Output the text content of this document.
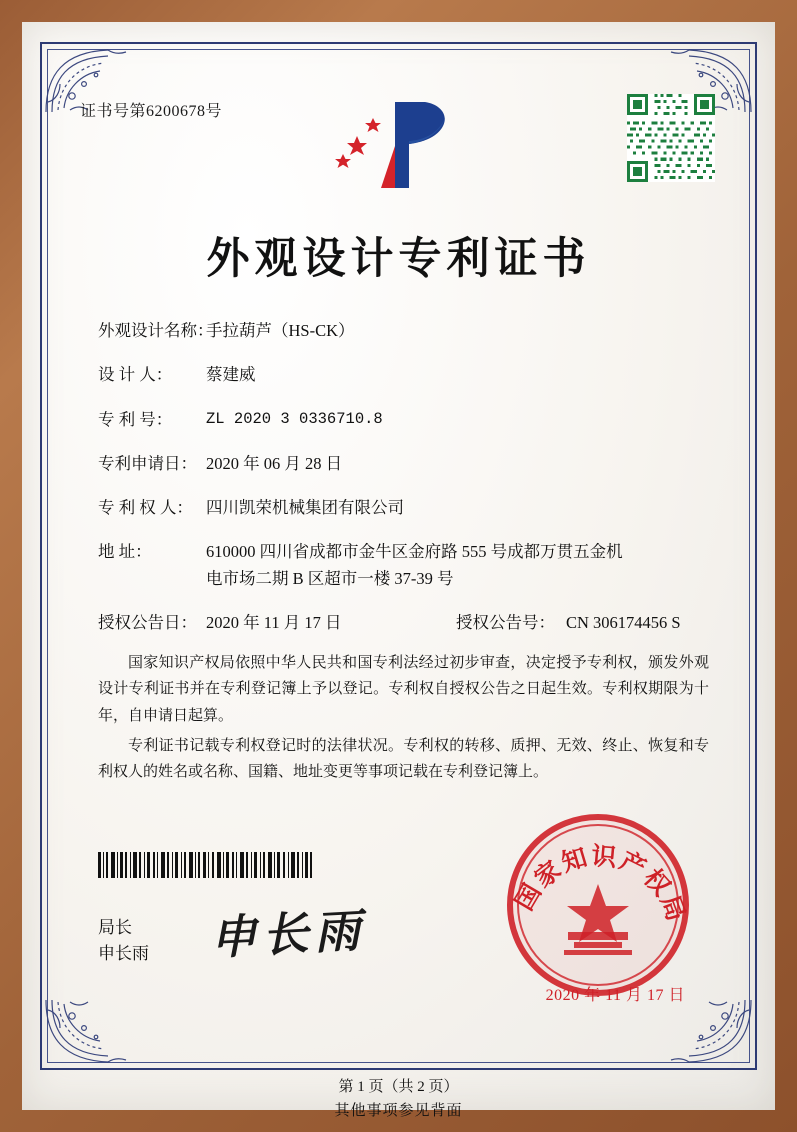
证书号第6200678号
外观设计专利证书
外观设计名称：
手拉葫芦（HS-CK）
设 计 人：	蔡建威
专 利 号：	ZL 2020 3 0336710.8
专利申请日： 2020 年 06 月 28 日
专 利 权 人： 四川凯荣机械集团有限公司
地 址：	610000 四川省成都市金牛区金府路 555 号成都万贯五金机
电市场二期 B 区超市一楼 37-39 号
授权公告日： 2020 年 11 月 17 日	授权公告号： CN 306174456 S

国家知识产权局依照中华人民共和国专利法经过初步审查，决定授予专利权，颁发外观设计专利证书并在专利登记簿上予以登记。专利权自授权公告之日起生效。专利权期限为十年，自申请日起算。

专利证书记载专利权登记时的法律状况。专利权的转移、质押、无效、终止、恢复和专利权人的姓名或名称、国籍、地址变更等事项记载在专利登记簿上。

局长
申长雨 申长雨
国家知识产权局
2020 年 11 月 17 日
第 1 页（共 2 页）
其他事项参见背面
